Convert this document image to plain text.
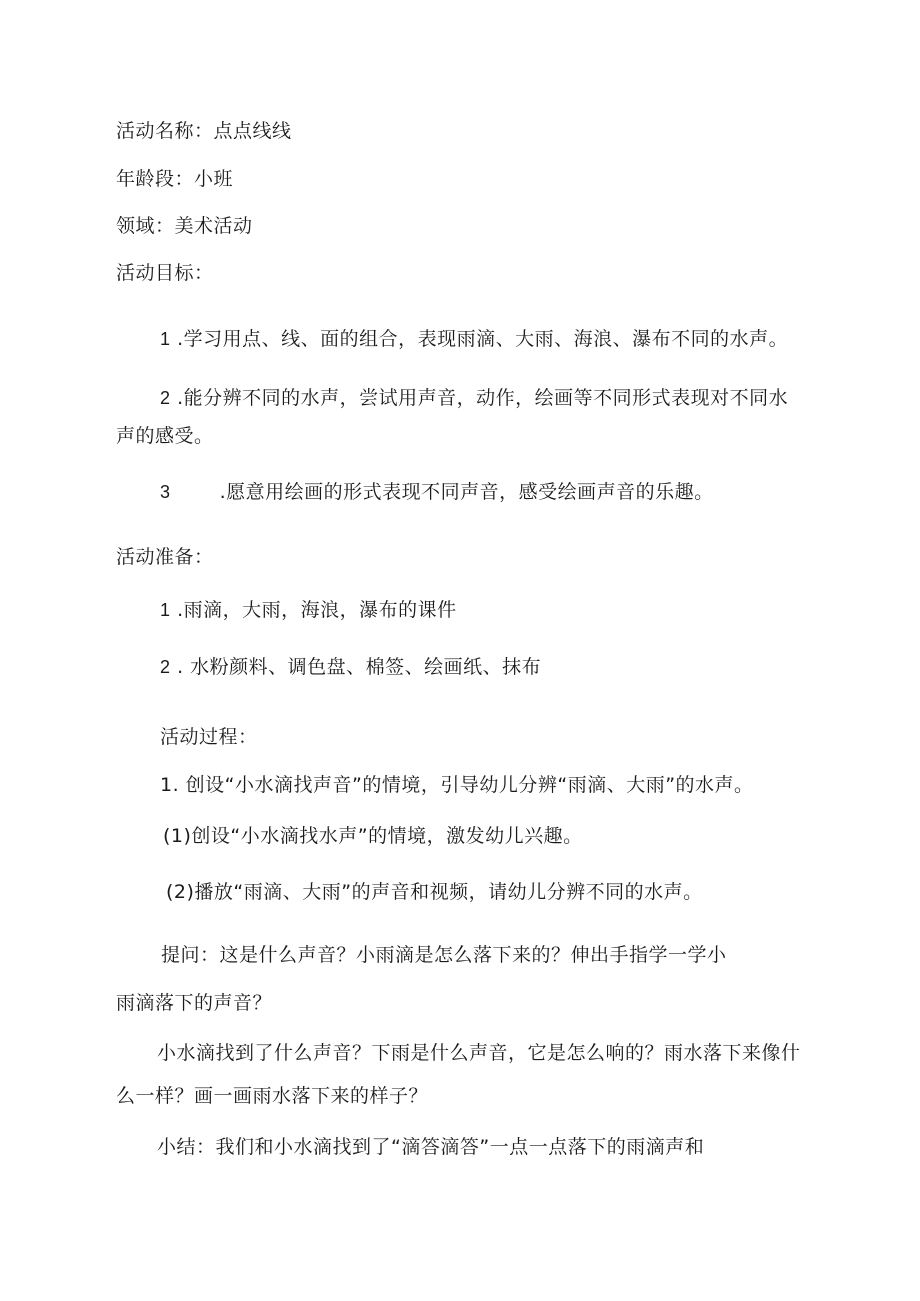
活动名称：点点线线
年龄段：小班
领域：美术活动
活动目标：
1 .学习用点、线、面的组合，表现雨滴、大雨、海浪、瀑布不同的水声。
2 .能分辨不同的水声，尝试用声音，动作，绘画等不同形式表现对不同水
声的感受。
3	.愿意用绘画的形式表现不同声音，感受绘画声音的乐趣。
活动准备：
1 .雨滴，大雨，海浪，瀑布的课件
2 . 水粉颜料、调色盘、棉签、绘画纸、抹布
活动过程：
1. 创设“小水滴找声音”的情境，引导幼儿分辨“雨滴、大雨”的水声。
(1)创设“小水滴找水声”的情境，激发幼儿兴趣。
(2)播放“雨滴、大雨”的声音和视频，请幼儿分辨不同的水声。
提问：这是什么声音？小雨滴是怎么落下来的？伸出手指学一学小
雨滴落下的声音？
小水滴找到了什么声音？下雨是什么声音，它是怎么响的？雨水落下来像什
么一样？画一画雨水落下来的样子？
小结：我们和小水滴找到了“滴答滴答”一点一点落下的雨滴声和
